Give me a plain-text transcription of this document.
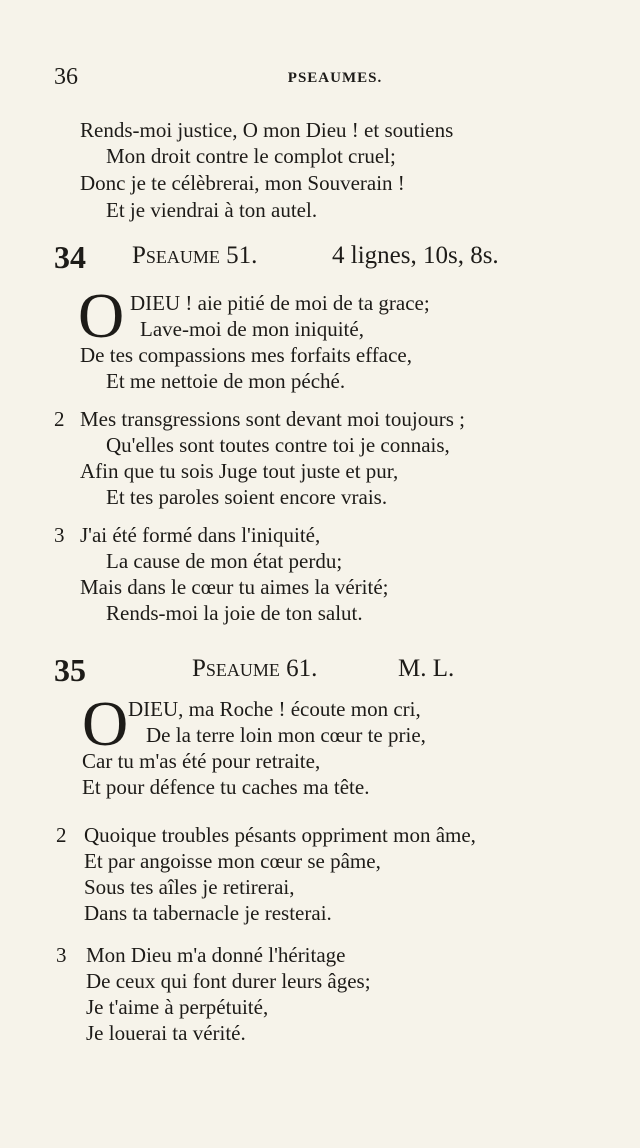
36	PSEAUMES.
Rends-moi justice, O mon Dieu ! et soutiens
Mon droit contre le complot cruel;
Donc je te célèbrerai, mon Souverain !
Et je viendrai à ton autel.
34 Pseaume 51.	4 lignes, 10s, 8s.
O DIEU ! aie pitié de moi de ta grace;
Lave-moi de mon iniquité,
De tes compassions mes forfaits efface,
Et me nettoie de mon péché.
2 Mes transgressions sont devant moi toujours ;
Qu'elles sont toutes contre toi je connais,
Afin que tu sois Juge tout juste et pur,
Et tes paroles soient encore vrais.
3 J'ai été formé dans l'iniquité,
La cause de mon état perdu;
Mais dans le cœur tu aimes la vérité;
Rends-moi la joie de ton salut.
35	Pseaume 61.	M. L.
O DIEU, ma Roche ! écoute mon cri,
De la terre loin mon cœur te prie,
Car tu m'as été pour retraite,
Et pour défence tu caches ma tête.
2 Quoique troubles pésants oppriment mon âme,
Et par angoisse mon cœur se pâme,
Sous tes aîles je retirerai,
Dans ta tabernacle je resterai.
3 Mon Dieu m'a donné l'héritage
De ceux qui font durer leurs âges;
Je t'aime à perpétuité,
Je louerai ta vérité.
